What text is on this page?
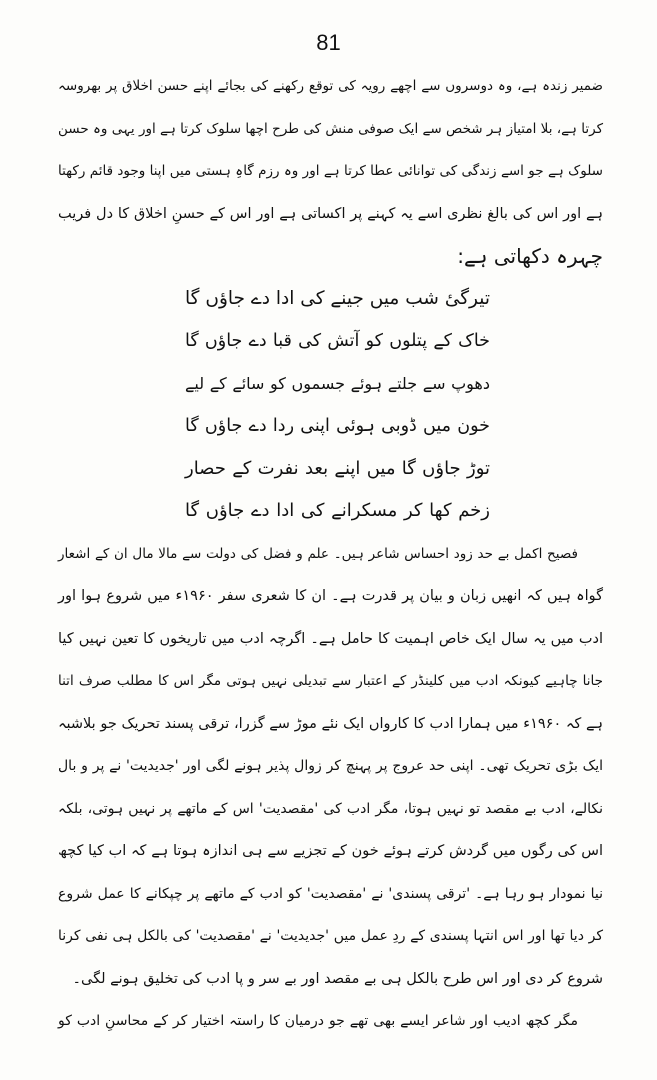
81
ضمیر زندہ ہے، وہ دوسروں سے اچھے رویہ کی توقع رکھنے کی بجائے اپنے حسن اخلاق پر بھروسہ
کرتا ہے، بلا امتیاز ہر شخص سے ایک صوفی منش کی طرح اچھا سلوک کرتا ہے اور یہی وہ حسن
سلوک ہے جو اسے زندگی کی توانائی عطا کرتا ہے اور وہ رزم گاہِ ہستی میں اپنا وجود قائم رکھتا
ہے اور اس کی بالغ نظری اسے یہ کہنے پر اکساتی ہے اور اس کے حسنِ اخلاق کا دل فریب
چہرہ دکھاتی ہے:
تیرگیٔ شب میں جینے کی ادا دے جاؤں گا
خاک کے پتلوں کو آتش کی قبا دے جاؤں گا
دھوپ سے جلتے ہوئے جسموں کو سائے کے لیے
خون میں ڈوبی ہوئی اپنی ردا دے جاؤں گا
توڑ جاؤں گا میں اپنے بعد نفرت کے حصار
زخم کھا کر مسکرانے کی ادا دے جاؤں گا
فصیح اکمل بے حد زود احساس شاعر ہیں۔ علم و فضل کی دولت سے مالا مال ان کے اشعار
گواہ ہیں کہ انھیں زبان و بیان پر قدرت ہے۔ ان کا شعری سفر ۱۹۶۰ء میں شروع ہوا اور
ادب میں یہ سال ایک خاص اہمیت کا حامل ہے۔ اگرچہ ادب میں تاریخوں کا تعین نہیں کیا
جانا چاہیے کیونکہ ادب میں کلینڈر کے اعتبار سے تبدیلی نہیں ہوتی مگر اس کا مطلب صرف اتنا
ہے کہ ۱۹۶۰ء میں ہمارا ادب کا کارواں ایک نئے موڑ سے گزرا، ترقی پسند تحریک جو بلاشبہ
ایک بڑی تحریک تھی۔ اپنی حد عروج پر پہنچ کر زوال پذیر ہونے لگی اور 'جدیدیت' نے پر و بال
نکالے، ادب بے مقصد تو نہیں ہوتا، مگر ادب کی 'مقصدیت' اس کے ماتھے پر نہیں ہوتی، بلکہ
اس کی رگوں میں گردش کرتے ہوئے خون کے تجزیے سے ہی اندازہ ہوتا ہے کہ اب کیا کچھ
نیا نمودار ہو رہا ہے۔ 'ترقی پسندی' نے 'مقصدیت' کو ادب کے ماتھے پر چپکانے کا عمل شروع
کر دیا تھا اور اس انتہا پسندی کے ردِ عمل میں 'جدیدیت' نے 'مقصدیت' کی بالکل ہی نفی کرنا
شروع کر دی اور اس طرح بالکل ہی بے مقصد اور بے سر و پا ادب کی تخلیق ہونے لگی۔
مگر کچھ ادیب اور شاعر ایسے بھی تھے جو درمیان کا راستہ اختیار کر کے محاسنِ ادب کو
